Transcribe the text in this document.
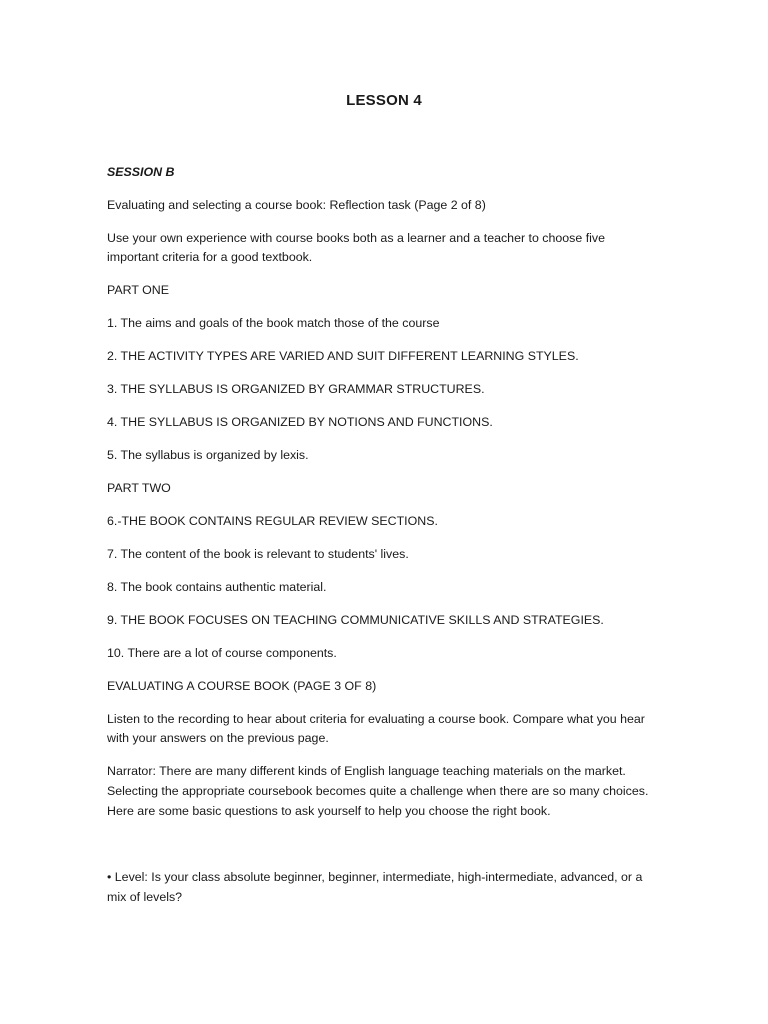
LESSON 4
SESSION B
Evaluating and selecting a course book: Reflection task (Page 2 of 8)
Use your own experience with course books both as a learner and a teacher to choose five
important criteria for a good textbook.
PART ONE
1. The aims and goals of the book match those of the course
2. THE ACTIVITY TYPES ARE VARIED AND SUIT DIFFERENT LEARNING STYLES.
3. THE SYLLABUS IS ORGANIZED BY GRAMMAR STRUCTURES.
4. THE SYLLABUS IS ORGANIZED BY NOTIONS AND FUNCTIONS.
5. The syllabus is organized by lexis.
PART TWO
6.-THE BOOK CONTAINS REGULAR REVIEW SECTIONS.
7. The content of the book is relevant to students' lives.
8. The book contains authentic material.
9. THE BOOK FOCUSES ON TEACHING COMMUNICATIVE SKILLS AND STRATEGIES.
10. There are a lot of course components.
EVALUATING A COURSE BOOK (PAGE 3 OF 8)
Listen to the recording to hear about criteria for evaluating a course book. Compare what you hear
with your answers on the previous page.
Narrator: There are many different kinds of English language teaching materials on the market.
Selecting the appropriate coursebook becomes quite a challenge when there are so many choices.
Here are some basic questions to ask yourself to help you choose the right book.
• Level: Is your class absolute beginner, beginner, intermediate, high-intermediate, advanced, or a
mix of levels?
